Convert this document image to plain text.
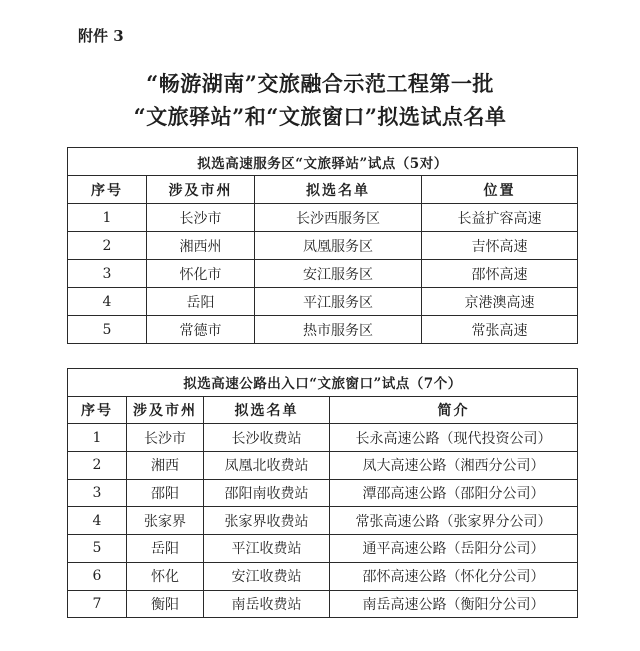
附件 3
“畅游湖南”交旅融合示范工程第一批
“文旅驿站”和“文旅窗口”拟选试点名单
拟选高速服务区“文旅驿站”试点（5对）			
序号	涉及市州	拟选名单	位置
1	长沙市	长沙西服务区	长益扩容高速
2	湘西州	凤凰服务区	吉怀高速
3	怀化市	安江服务区	邵怀高速
4	岳阳	平江服务区	京港澳高速
5	常德市	热市服务区	常张高速
拟选高速公路出入口“文旅窗口”试点（7个）			
序号	涉及市州	拟选名单	简介
1	长沙市	长沙收费站	长永高速公路（现代投资公司）
2	湘西	凤凰北收费站	凤大高速公路（湘西分公司）
3	邵阳	邵阳南收费站	潭邵高速公路（邵阳分公司）
4	张家界	张家界收费站	常张高速公路（张家界分公司）
5	岳阳	平江收费站	通平高速公路（岳阳分公司）
6	怀化	安江收费站	邵怀高速公路（怀化分公司）
7	衡阳	南岳收费站	南岳高速公路（衡阳分公司）
